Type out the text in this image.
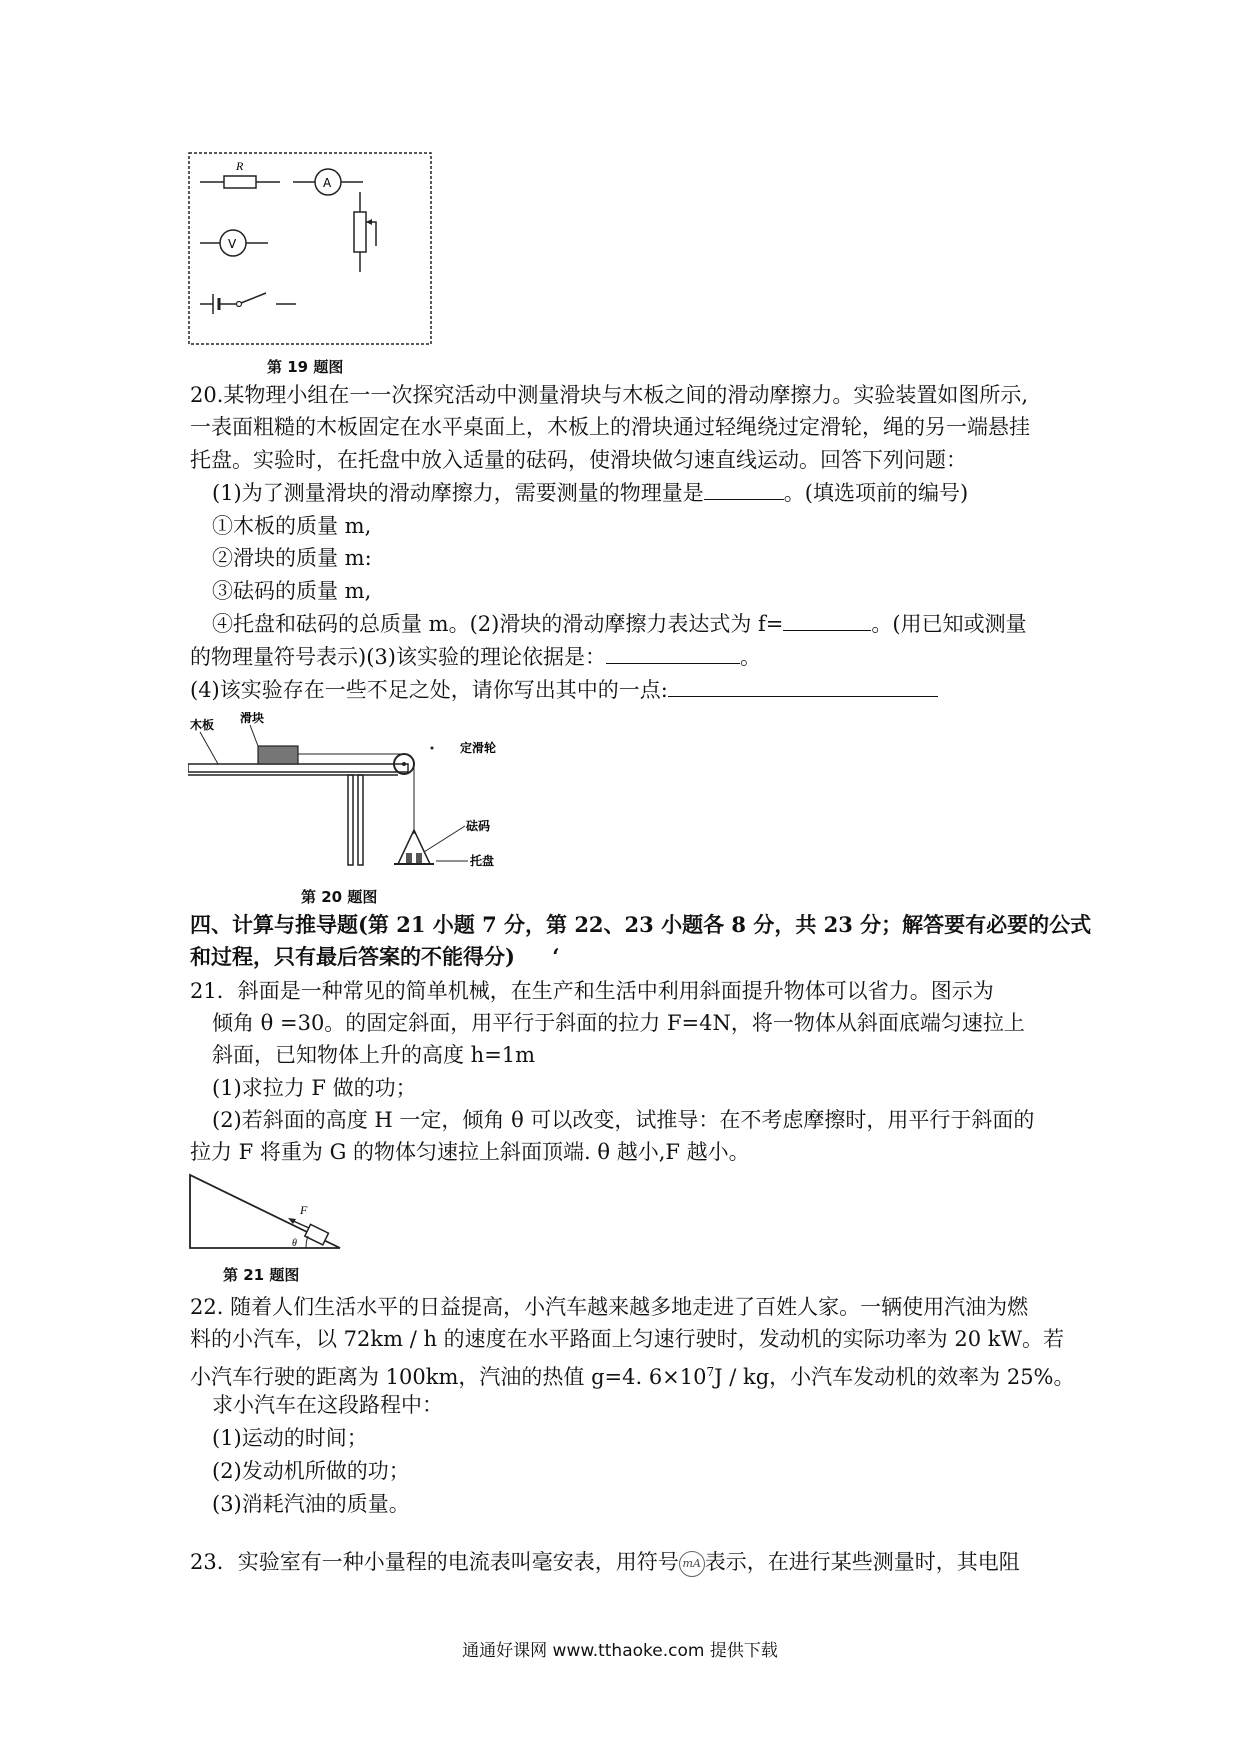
R
A
V
第 19 题图
20.某物理小组在一一次探究活动中测量滑块与木板之间的滑动摩擦力。实验装置如图所示,
一表面粗糙的木板固定在水平桌面上，木板上的滑块通过轻绳绕过定滑轮，绳的另一端悬挂
托盘。实验时，在托盘中放入适量的砝码，使滑块做匀速直线运动。回答下列问题：
(1)为了测量滑块的滑动摩擦力，需要测量的物理量是	。(填选项前的编号)
①木板的质量 m,
②滑块的质量 m:
③砝码的质量 m,
④托盘和砝码的总质量 m。(2)滑块的滑动摩擦力表达式为 f=	。(用已知或测量
的物理量符号表示)(3)该实验的理论依据是：	。
(4)该实验存在一些不足之处，请你写出其中的一点:
木板 滑块
定滑轮
砝码
托盘
第 20 题图
四、计算与推导题(第 21 小题 7 分，第 22、23 小题各 8 分，共 23 分；解答要有必要的公式
和过程，只有最后答案的不能得分) ‘
21．斜面是一种常见的简单机械，在生产和生活中利用斜面提升物体可以省力。图示为
倾角 θ =30。的固定斜面，用平行于斜面的拉力 F=4N，将一物体从斜面底端匀速拉上
斜面，已知物体上升的高度 h=1m
(1)求拉力 F 做的功；
(2)若斜面的高度 H 一定，倾角 θ 可以改变，试推导：在不考虑摩擦时，用平行于斜面的
拉力 F 将重为 G 的物体匀速拉上斜面顶端. θ 越小,F 越小。
F
θ
第 21 题图
22. 随着人们生活水平的日益提高，小汽车越来越多地走进了百姓人家。一辆使用汽油为燃
料的小汽车，以 72km / h 的速度在水平路面上匀速行驶时，发动机的实际功率为 20 kW。若
小汽车行驶的距离为 100km，汽油的热值 g=4. $6\times 10^7J$ / kg，小汽车发动机的效率为 25%。
求小汽车在这段路程中：
(1)运动的时间；
(2)发动机所做的功；
(3)消耗汽油的质量。
23．实验室有一种小量程的电流表叫毫安表，用符号 mA 表示，在进行某些测量时，其电阻
通通好课网 www.tthaoke.com 提供下载
